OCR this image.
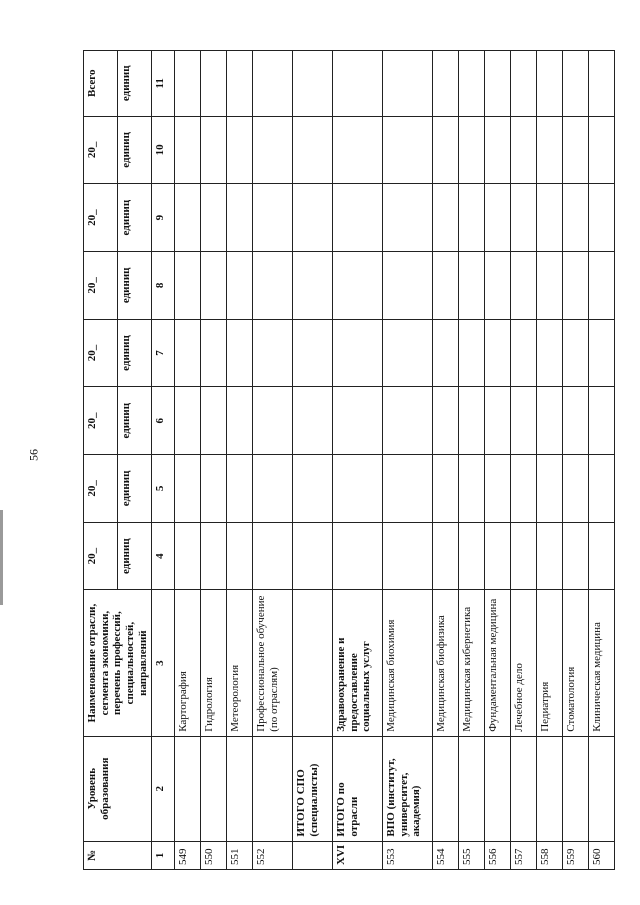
56
№	Уровень образования	Наименование отрасли, сегмента экономики, перечень профессий, специальностей, направлений	20_	20_	20_	20_	20_	20_	20_	Всего
			единиц	единиц	единиц	единиц	единиц	единиц	единиц	единиц
1	2	3	4	5	6	7	8	9	10	11
549		Картография								
550		Гидрология								
551		Метеорология								
552		Профессиональное обучение (по отраслям)								
	ИТОГО СПО (специалисты)									
XVI	ИТОГО по отрасли	Здравоохранение и предоставление социальных услуг								
553	ВПО (институт, университет, академия)	Медицинская биохимия								
554		Медицинская биофизика								
555		Медицинская кибернетика								
556		Фундаментальная медицина								
557		Лечебное дело								
558		Педиатрия								
559		Стоматология								
560		Клиническая медицина								
